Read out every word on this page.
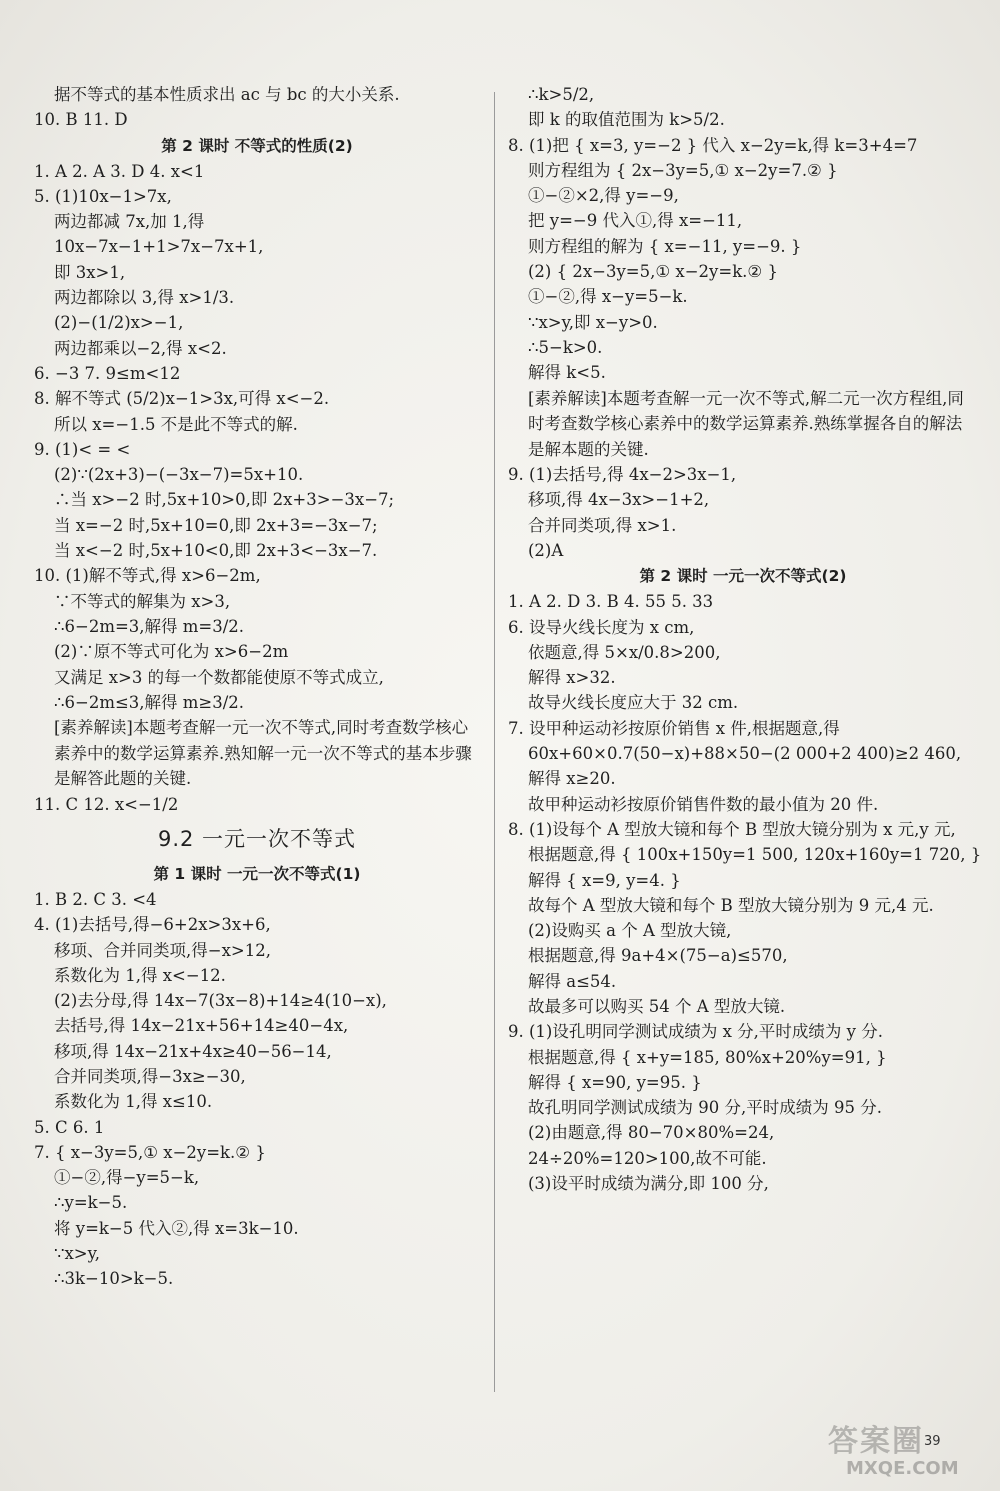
据不等式的基本性质求出 ac 与 bc 的大小关系.
10. B 11. D
第 2 课时 不等式的性质(2)
1. A 2. A 3. D 4. x<1
5. (1)10x−1>7x,
两边都减 7x,加 1,得
10x−7x−1+1>7x−7x+1,
即 3x>1,
两边都除以 3,得 x>1/3.
(2)−(1/2)x>−1,
两边都乘以−2,得 x<2.
6. −3 7. 9≤m<12
8. 解不等式 (5/2)x−1>3x,可得 x<−2.
所以 x=−1.5 不是此不等式的解.
9. (1)< = <
(2)∵(2x+3)−(−3x−7)=5x+10.
∴当 x>−2 时,5x+10>0,即 2x+3>−3x−7;
当 x=−2 时,5x+10=0,即 2x+3=−3x−7;
当 x<−2 时,5x+10<0,即 2x+3<−3x−7.
10. (1)解不等式,得 x>6−2m,
∵不等式的解集为 x>3,
∴6−2m=3,解得 m=3/2.
(2)∵原不等式可化为 x>6−2m
又满足 x>3 的每一个数都能使原不等式成立,
∴6−2m≤3,解得 m≥3/2.
[素养解读]本题考查解一元一次不等式,同时考查数学核心素养中的数学运算素养.熟知解一元一次不等式的基本步骤是解答此题的关键.
11. C 12. x<−1/2
9.2 一元一次不等式
第 1 课时 一元一次不等式(1)
1. B 2. C 3. <4
4. (1)去括号,得−6+2x>3x+6,
移项、合并同类项,得−x>12,
系数化为 1,得 x<−12.
(2)去分母,得 14x−7(3x−8)+14≥4(10−x),
去括号,得 14x−21x+56+14≥40−4x,
移项,得 14x−21x+4x≥40−56−14,
合并同类项,得−3x≥−30,
系数化为 1,得 x≤10.
5. C 6. 1
7. { x−3y=5,① x−2y=k.② }
①−②,得−y=5−k,
∴y=k−5.
将 y=k−5 代入②,得 x=3k−10.
∵x>y,
∴3k−10>k−5.
∴k>5/2,
即 k 的取值范围为 k>5/2.
8. (1)把 { x=3, y=−2 } 代入 x−2y=k,得 k=3+4=7
则方程组为 { 2x−3y=5,① x−2y=7.② }
①−②×2,得 y=−9,
把 y=−9 代入①,得 x=−11,
则方程组的解为 { x=−11, y=−9. }
(2) { 2x−3y=5,① x−2y=k.② }
①−②,得 x−y=5−k.
∵x>y,即 x−y>0.
∴5−k>0.
解得 k<5.
[素养解读]本题考查解一元一次不等式,解二元一次方程组,同时考查数学核心素养中的数学运算素养.熟练掌握各自的解法是解本题的关键.
9. (1)去括号,得 4x−2>3x−1,
移项,得 4x−3x>−1+2,
合并同类项,得 x>1.
(2)A
第 2 课时 一元一次不等式(2)
1. A 2. D 3. B 4. 55 5. 33
6. 设导火线长度为 x cm,
依题意,得 5×x/0.8>200,
解得 x>32.
故导火线长度应大于 32 cm.
7. 设甲种运动衫按原价销售 x 件,根据题意,得
60x+60×0.7(50−x)+88×50−(2 000+2 400)≥2 460,
解得 x≥20.
故甲种运动衫按原价销售件数的最小值为 20 件.
8. (1)设每个 A 型放大镜和每个 B 型放大镜分别为 x 元,y 元,
根据题意,得 { 100x+150y=1 500, 120x+160y=1 720, }
解得 { x=9, y=4. }
故每个 A 型放大镜和每个 B 型放大镜分别为 9 元,4 元.
(2)设购买 a 个 A 型放大镜,
根据题意,得 9a+4×(75−a)≤570,
解得 a≤54.
故最多可以购买 54 个 A 型放大镜.
9. (1)设孔明同学测试成绩为 x 分,平时成绩为 y 分.
根据题意,得 { x+y=185, 80%x+20%y=91, }
解得 { x=90, y=95. }
故孔明同学测试成绩为 90 分,平时成绩为 95 分.
(2)由题意,得 80−70×80%=24,
24÷20%=120>100,故不可能.
(3)设平时成绩为满分,即 100 分,
39
答案圈
MXQE.COM
